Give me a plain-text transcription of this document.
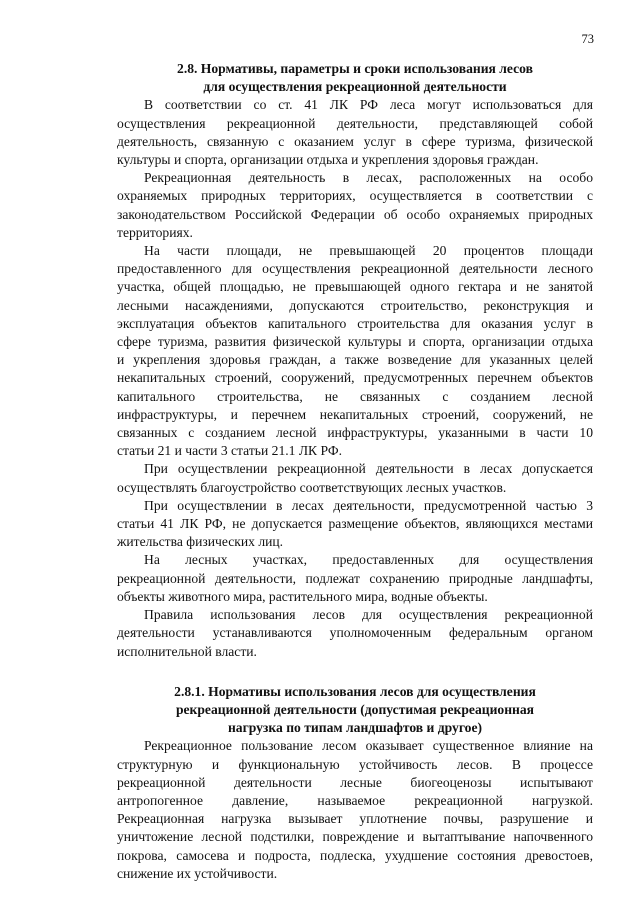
73
2.8. Нормативы, параметры и сроки использования лесов
для осуществления рекреационной деятельности
В соответствии со ст. 41 ЛК РФ леса могут использоваться для
осуществления рекреационной деятельности, представляющей собой
деятельность, связанную с оказанием услуг в сфере туризма, физической
культуры и спорта, организации отдыха и укрепления здоровья граждан.
Рекреационная деятельность в лесах, расположенных на особо
охраняемых природных территориях, осуществляется в соответствии с
законодательством Российской Федерации об особо охраняемых природных
территориях.
На части площади, не превышающей 20 процентов площади
предоставленного для осуществления рекреационной деятельности лесного
участка, общей площадью, не превышающей одного гектара и не занятой
лесными насаждениями, допускаются строительство, реконструкция и
эксплуатация объектов капитального строительства для оказания услуг в
сфере туризма, развития физической культуры и спорта, организации отдыха
и укрепления здоровья граждан, а также возведение для указанных целей
некапитальных строений, сооружений, предусмотренных перечнем объектов
капитального строительства, не связанных с созданием лесной
инфраструктуры, и перечнем некапитальных строений, сооружений, не
связанных с созданием лесной инфраструктуры, указанными в части 10
статьи 21 и части 3 статьи 21.1 ЛК РФ.
При осуществлении рекреационной деятельности в лесах допускается
осуществлять благоустройство соответствующих лесных участков.
При осуществлении в лесах деятельности, предусмотренной частью 3
статьи 41 ЛК РФ, не допускается размещение объектов, являющихся местами
жительства физических лиц.
На лесных участках, предоставленных для осуществления
рекреационной деятельности, подлежат сохранению природные ландшафты,
объекты животного мира, растительного мира, водные объекты.
Правила использования лесов для осуществления рекреационной
деятельности устанавливаются уполномоченным федеральным органом
исполнительной власти.
2.8.1. Нормативы использования лесов для осуществления
рекреационной деятельности (допустимая рекреационная
нагрузка по типам ландшафтов и другое)
Рекреационное пользование лесом оказывает существенное влияние на
структурную и функциональную устойчивость лесов. В процессе
рекреационной деятельности лесные биогеоценозы испытывают
антропогенное давление, называемое рекреационной нагрузкой.
Рекреационная нагрузка вызывает уплотнение почвы, разрушение и
уничтожение лесной подстилки, повреждение и вытаптывание напочвенного
покрова, самосева и подроста, подлеска, ухудшение состояния древостоев,
снижение их устойчивости.
